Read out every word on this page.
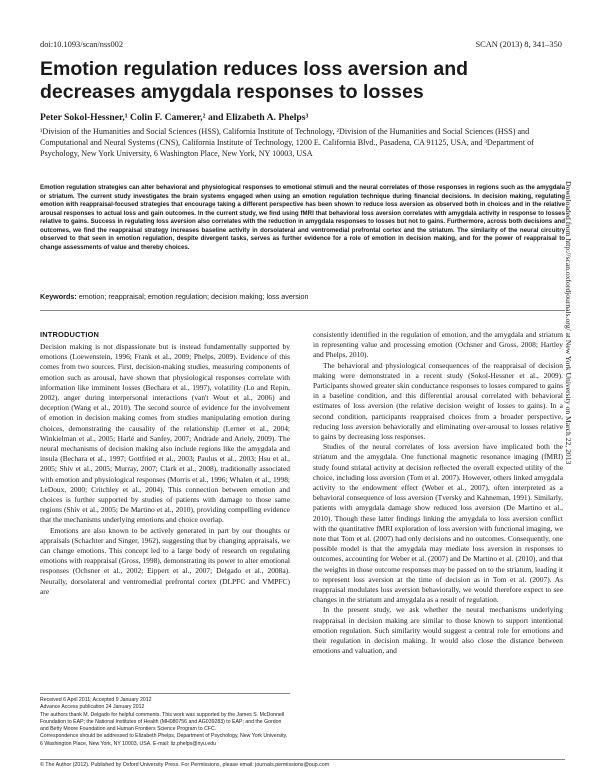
doi:10.1093/scan/nss002	SCAN (2013) 8, 341–350
Emotion regulation reduces loss aversion and decreases amygdala responses to losses
Peter Sokol-Hessner,¹ Colin F. Camerer,² and Elizabeth A. Phelps³
¹Division of the Humanities and Social Sciences (HSS), California Institute of Technology, ²Division of the Humanities and Social Sciences (HSS) and Computational and Neural Systems (CNS), California Institute of Technology, 1200 E. California Blvd., Pasadena, CA 91125, USA, and ³Department of Psychology, New York University, 6 Washington Place, New York, NY 10003, USA

Emotion regulation strategies can alter behavioral and physiological responses to emotional stimuli and the neural correlates of those responses in regions such as the amygdala or striatum. The current study investigates the brain systems engaged when using an emotion regulation technique during financial decisions. In decision making, regulating emotion with reappraisal-focused strategies that encourage taking a different perspective has been shown to reduce loss aversion as observed both in choices and in the relative arousal responses to actual loss and gain outcomes. In the current study, we find using fMRI that behavioral loss aversion correlates with amygdala activity in response to losses relative to gains. Success in regulating loss aversion also correlates with the reduction in amygdala responses to losses but not to gains. Furthermore, across both decisions and outcomes, we find the reappraisal strategy increases baseline activity in dorsolateral and ventromedial prefrontal cortex and the striatum. The similarity of the neural circuitry observed to that seen in emotion regulation, despite divergent tasks, serves as further evidence for a role of emotion in decision making, and for the power of reappraisal to change assessments of value and thereby choices.

Keywords: emotion; reappraisal; emotion regulation; decision making; loss aversion	Downloaded from http://scan.oxfordjournals.org/ at New York University on March 22, 2013
INTRODUCTION

Decision making is not dispassionate but is instead fundamentally supported by emotions (Loewenstein, 1996; Frank et al., 2009; Phelps, 2009). Evidence of this comes from two sources. First, decision-making studies, measuring components of emotion such as arousal, have shown that physiological responses correlate with information like imminent losses (Bechara et al., 1997), volatility (Lo and Repin, 2002), anger during interpersonal interactions (van't Wout et al., 2006) and deception (Wang et al., 2010). The second source of evidence for the involvement of emotion in decision making comes from studies manipulating emotion during choices, demonstrating the causality of the relationship (Lerner et al., 2004; Winkielman et al., 2005; Harlé and Sanfey, 2007; Andrade and Ariely, 2009). The neural mechanisms of decision making also include regions like the amygdala and insula (Bechara et al., 1997; Gottfried et al., 2003; Paulus et al., 2003; Hsu et al., 2005; Shiv et al., 2005; Murray, 2007; Clark et al., 2008), traditionally associated with emotion and physiological responses (Morris et al., 1996; Whalen et al., 1998; LeDoux, 2000; Critchley et al., 2004). This connection between emotion and choices is further supported by studies of patients with damage to those same regions (Shiv et al., 2005; De Martino et al., 2010), providing compelling evidence that the mechanisms underlying emotions and choice overlap.

Emotions are also known to be actively generated in part by our thoughts or appraisals (Schachter and Singer, 1962), suggesting that by changing appraisals, we can change emotions. This concept led to a large body of research on regulating emotions with reappraisal (Gross, 1998), demonstrating its power to alter emotional responses (Ochsner et al., 2002; Eippert et al., 2007; Delgado et al., 2008a). Neurally, dorsolateral and ventromedial prefrontal cortex (DLPFC and VMPFC) are

consistently identified in the regulation of emotion, and the amygdala and striatum in representing value and processing emotion (Ochsner and Gross, 2008; Hartley and Phelps, 2010).

The behavioral and physiological consequences of the reappraisal of decision making were demonstrated in a recent study (Sokol-Hessner et al., 2009). Participants showed greater skin conductance responses to losses compared to gains in a baseline condition, and this differential arousal correlated with behavioral estimates of loss aversion (the relative decision weight of losses to gains). In a second condition, participants reappraised choices from a broader perspective, reducing loss aversion behaviorally and eliminating over-arousal to losses relative to gains by decreasing loss responses.

Studies of the neural correlates of loss aversion have implicated both the striatum and the amygdala. One functional magnetic resonance imaging (fMRI) study found striatal activity at decision reflected the overall expected utility of the choice, including loss aversion (Tom et al. 2007). However, others linked amygdala activity to the endowment effect (Weber et al., 2007), often interpreted as a behavioral consequence of loss aversion (Tversky and Kahneman, 1991). Similarly, patients with amygdala damage show reduced loss aversion (De Martino et al., 2010). Though these latter findings linking the amygdala to loss aversion conflict with the quantitative fMRI exploration of loss aversion with functional imaging, we note that Tom et al. (2007) had only decisions and no outcomes. Consequently, one possible model is that the amygdala may mediate loss aversion in responses to outcomes, accounting for Weber et al. (2007) and De Martino et al. (2010), and that the weights in those outcome responses may be passed on to the striatum, leading it to represent loss aversion at the time of decision as in Tom et al. (2007). As reappraisal modulates loss aversion behaviorally, we would therefore expect to see changes in the striatum and amygdala as a result of regulation.

In the present study, we ask whether the neural mechanisms underlying reappraisal in decision making are similar to those known to support intentional emotion regulation. Such similarity would suggest a central role for emotions and their regulation in decision making. It would also close the distance between emotions and valuation, and

Received 6 April 2011; Accepted 9 January 2012

Advance Access publication 24 January 2012

The authors thank M. Delgado for helpful comments. This work was supported by the James S. McDonnell Foundation to EAP; the National Institutes of Health (MH080756 and AG039283) to EAP; and the Gordon and Betty Moore Foundation and Human Frontiers Science Program to CFC.

Correspondence should be addressed to Elizabeth Phelps, Department of Psychology, New York University, 6 Washington Place, New York, NY 10003, USA. E-mail: liz.phelps@nyu.edu

© The Author (2012). Published by Oxford University Press. For Permissions, please email: journals.permissions@oup.com
